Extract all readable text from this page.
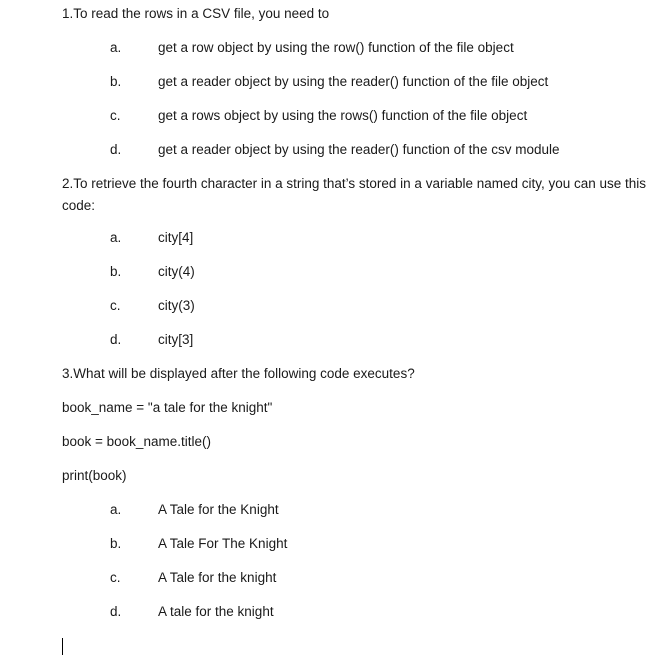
1.To read the rows in a CSV file, you need to
a.	get a row object by using the row() function of the file object
b.	get a reader object by using the reader() function of the file object
c.	get a rows object by using the rows() function of the file object
d.	get a reader object by using the reader() function of the csv module
2.To retrieve the fourth character in a string that’s stored in a variable named city, you can use this code:
a.	city[4]
b.	city(4)
c.	city(3)
d.	city[3]
3.What will be displayed after the following code executes?
book_name = "a tale for the knight"
book = book_name.title()
print(book)
a.	A Tale for the Knight
b.	A Tale For The Knight
c.	A Tale for the knight
d.	A tale for the knight
